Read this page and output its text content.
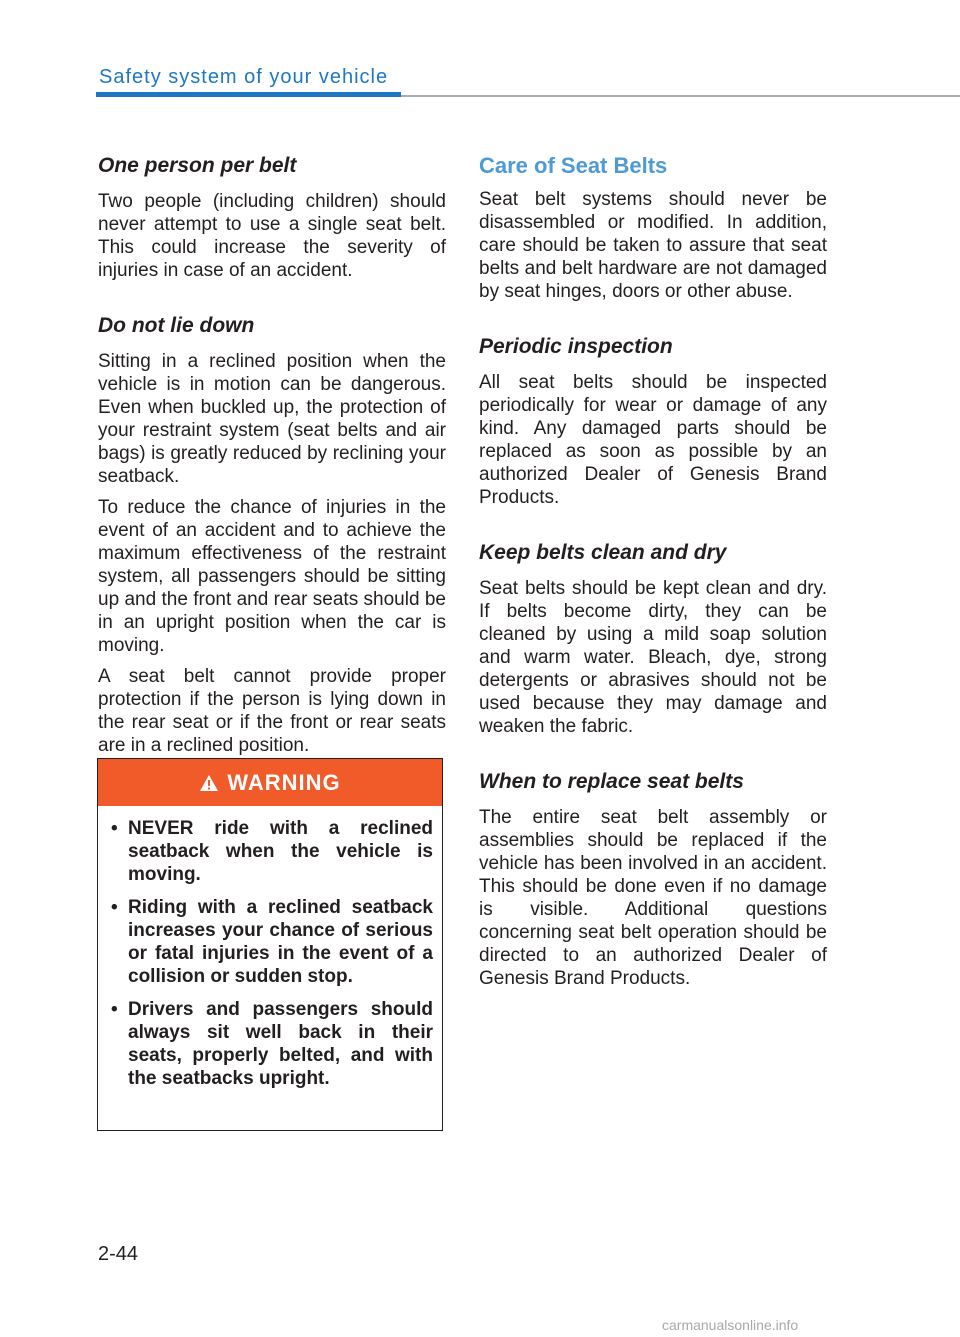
Safety system of your vehicle
One person per belt

Two people (including children) should never attempt to use a single seat belt. This could increase the severity of injuries in case of an accident.

Do not lie down

Sitting in a reclined position when the vehicle is in motion can be dangerous. Even when buckled up, the protection of your restraint system (seat belts and air bags) is greatly reduced by reclining your seatback.

To reduce the chance of injuries in the event of an accident and to achieve the maximum effectiveness of the restraint system, all passengers should be sitting up and the front and rear seats should be in an upright position when the car is moving.

A seat belt cannot provide proper protection if the person is lying down in the rear seat or if the front or rear seats are in a reclined position.

WARNING
• NEVER ride with a reclined seatback when the vehicle is moving.
• Riding with a reclined seatback increases your chance of serious or fatal injuries in the event of a collision or sudden stop.
• Drivers and passengers should always sit well back in their seats, properly belted, and with the seatbacks upright.
Care of Seat Belts

Seat belt systems should never be disassembled or modified. In addition, care should be taken to assure that seat belts and belt hardware are not damaged by seat hinges, doors or other abuse.

Periodic inspection

All seat belts should be inspected periodically for wear or damage of any kind. Any damaged parts should be replaced as soon as possible by an authorized Dealer of Genesis Brand Products.

Keep belts clean and dry

Seat belts should be kept clean and dry. If belts become dirty, they can be cleaned by using a mild soap solution and warm water. Bleach, dye, strong detergents or abrasives should not be used because they may damage and weaken the fabric.

When to replace seat belts

The entire seat belt assembly or assemblies should be replaced if the vehicle has been involved in an accident. This should be done even if no damage is visible. Additional questions concerning seat belt operation should be directed to an authorized Dealer of Genesis Brand Products.

2-44
carmanualsonline.info
